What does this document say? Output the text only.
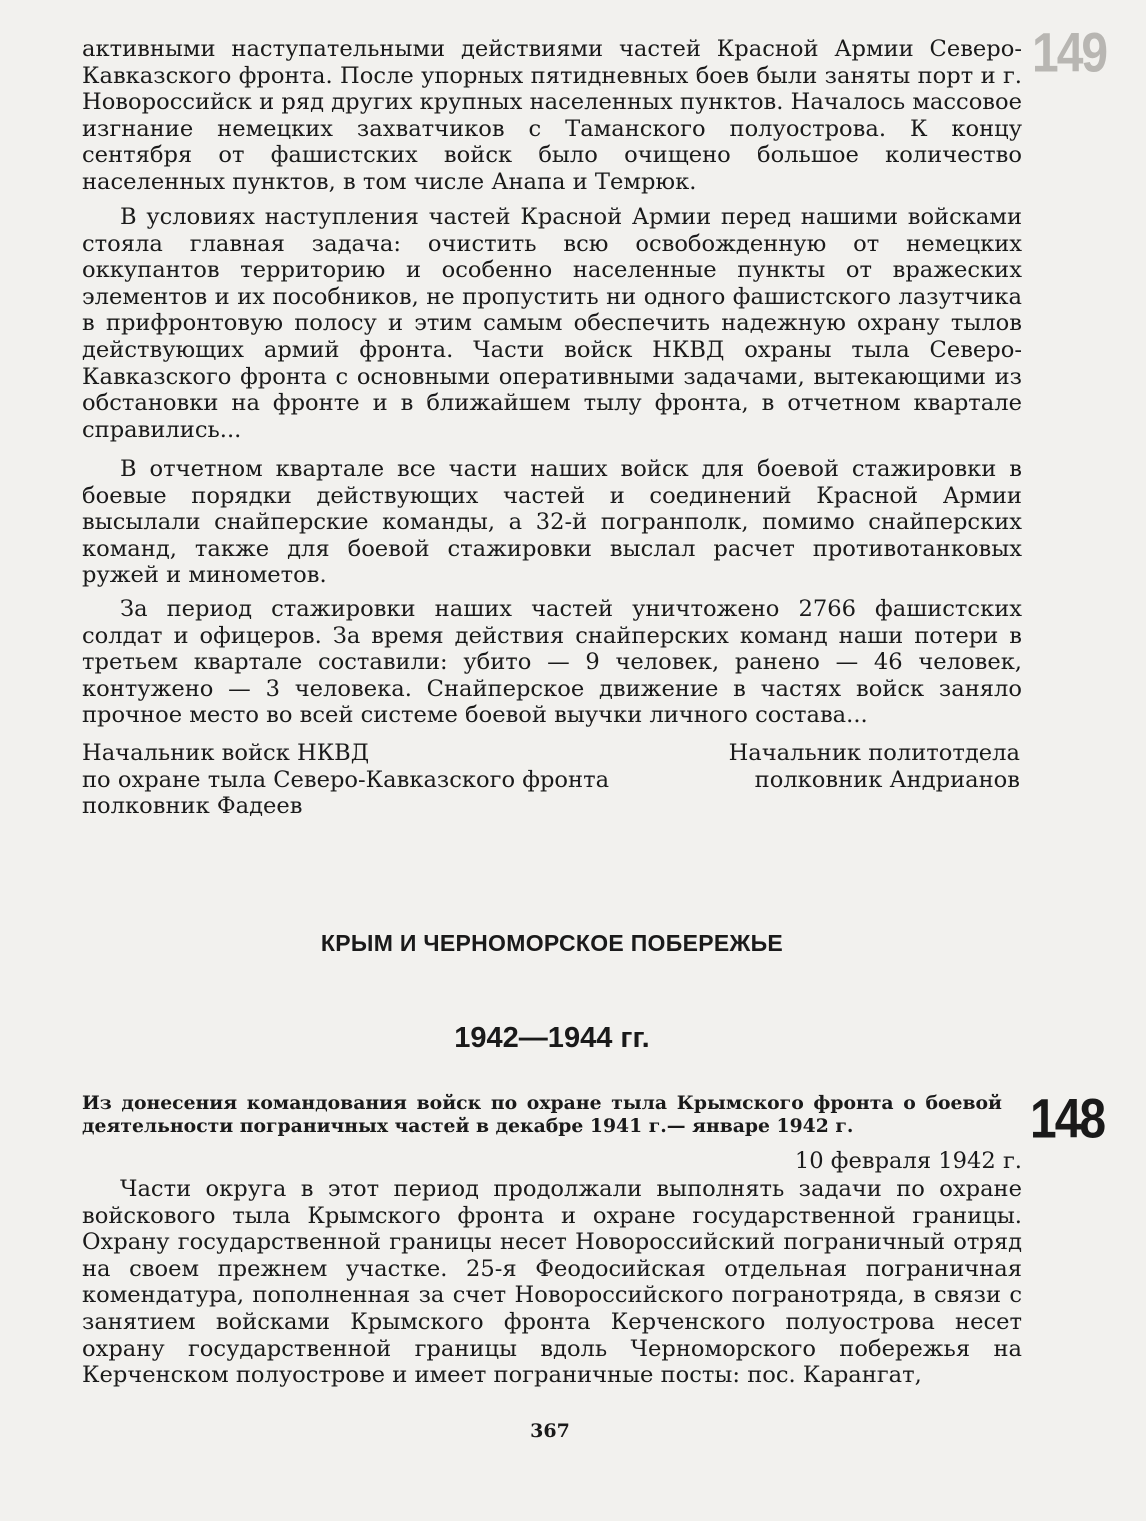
149

активными наступательными действиями частей Красной Армии Северо-Кавказского фронта. После упорных пятидневных боев были заняты порт и г. Новороссийск и ряд других крупных населенных пунктов. Началось массовое изгнание немецких захватчиков с Таманского полуострова. К концу сентября от фашистских войск было очищено большое количество населенных пунктов, в том числе Анапа и Темрюк.

В условиях наступления частей Красной Армии перед нашими войсками стояла главная задача: очистить всю освобожденную от немецких оккупантов территорию и особенно населенные пункты от вражеских элементов и их пособников, не пропустить ни одного фашистского лазутчика в прифронтовую полосу и этим самым обеспечить надежную охрану тылов действующих армий фронта. Части войск НКВД охраны тыла Северо-Кавказского фронта с основными оперативными задачами, вытекающими из обстановки на фронте и в ближайшем тылу фронта, в отчетном квартале справились...

В отчетном квартале все части наших войск для боевой стажировки в боевые порядки действующих частей и соединений Красной Армии высылали снайперские команды, а 32-й погранполк, помимо снайперских команд, также для боевой стажировки выслал расчет противотанковых ружей и минометов.

За период стажировки наших частей уничтожено 2766 фашистских солдат и офицеров. За время действия снайперских команд наши потери в третьем квартале составили: убито — 9 человек, ранено — 46 человек, контужено — 3 человека. Снайперское движение в частях войск заняло прочное место во всей системе боевой выучки личного состава...

Начальник войск НКВД
по охране тыла Северо-Кавказского фронта
полковник Фадеев
Начальник политотдела
полковник Андрианов
КРЫМ И ЧЕРНОМОРСКОЕ ПОБЕРЕЖЬЕ
1942—1944 гг.
Из донесения командования войск по охране тыла Крымского фронта о боевой деятельности пограничных частей в декабре 1941 г.— январе 1942 г.	148
10 февраля 1942 г.

Части округа в этот период продолжали выполнять задачи по охране войскового тыла Крымского фронта и охране государственной границы. Охрану государственной границы несет Новороссийский пограничный отряд на своем прежнем участке. 25-я Феодосийская отдельная пограничная комендатура, пополненная за счет Новороссийского погранотряда, в связи с занятием войсками Крымского фронта Керченского полуострова несет охрану государственной границы вдоль Черноморского побережья на Керченском полуострове и имеет пограничные посты: пос. Карангат,

367
